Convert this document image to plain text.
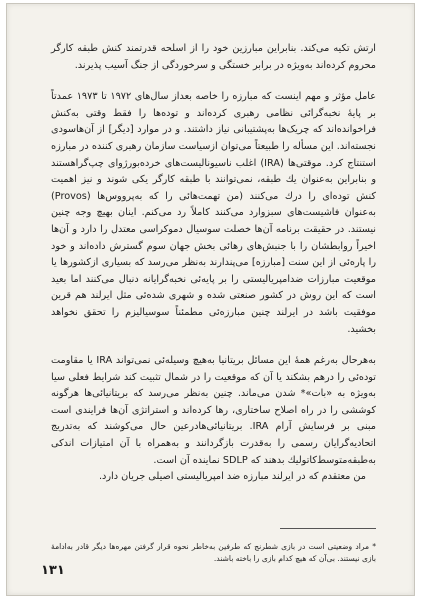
ارتش تکیه می‌کند. بنابراین مبارزین خود را از اسلحه قدرتمند کنش طبقه کارگر محروم کرده‌اند به‌ویژه در برابر خستگی و سرخوردگی از جنگ آسیب پذیرند.

عامل مؤثر و مهم اینست که مبارزه را خاصه بعداز سال‌های ۱۹۷۲ تا ۱۹۷۳ عمدتاً بر پایهٔ نخبه‌گرائی نظامی رهبری کرده‌اند و توده‌ها را فقط وقتی به‌کنش فراخوانده‌اند که چریک‌ها به‌پشتیبانی نیاز داشتند. و در موارد [دیگر] از آن‌هاسودی نجسته‌اند. این مسأله را طبیعتاً می‌توان ازسیاست سازمان رهبری کننده در مبارزه استنتاج کرد. موقتی‌ها (IRA) اغلب ناسیونالیست‌های خرده‌بورژوای چپ‌گراهستند و بنابراین به‌عنوان یك طبقه، نمی‌توانند با طبقه کارگر یکی شوند و نیز اهمیت کنش توده‌ای را درك می‌کنند (من تهمت‌هائی را که به‌پرووس‌ها (Provos) به‌عنوان فاشیست‌های سبزوارد می‌کنند کاملاً رد می‌کنم. اینان بهیچ وجه چنین نیستند. در حقیقت برنامه آن‌ها خصلت سوسیال دموکراسی معتدل را دارد و آن‌ها اخیراً روابطشان را با جنبش‌های رهائی بخش جهان سوم گسترش داده‌اند و خود را پاره‌ئی از این سنت [مبارزه] می‌پندارند به‌نظر می‌رسد که بسیاری ازکشورها یا موقعیت مبارزات ضدامپریالیستی را بر پایه‌ئی نخبه‌گرایانه دنبال می‌کنند اما بعید است که این روش در کشور صنعتی شده و شهری شده‌ئی مثل ایرلند هم قرین موفقیت باشد در ایرلند چنین مبارزه‌ئی مطمئناً سوسیالیزم را تحقق نخواهد بخشید.

به‌هرحال به‌رغم همهٔ این مسائل بریتانیا به‌هیچ وسیله‌ئی نمی‌تواند IRA یا مقاومت توده‌ئی را درهم بشکند یا آن که موقعیت را در شمال تثبیت کند شرایط فعلی سیا به‌ویژه به «بات»* شدن می‌ماند. چنین به‌نظر می‌رسد که بریتانیائی‌ها هرگونه کوششی را در راه اصلاح ساختاری، رها کرده‌اند و استراتژی آن‌ها فرایندی است مبنی بر فرسایش آرام IRA. بریتانیائی‌هادرعین حال می‌کوشند که به‌تدریج اتحادیه‌گرایان رسمی را به‌قدرت بازگردانند و به‌همراه با آن امتیازات اندکی به‌طبقه‌متوسط‌کاتولیك بدهند که SDLP نماینده آن است.

من معتقدم که در ایرلند مبارزه ضد امپریالیستی اصیلی جریان دارد.

* مراد وضعیتی است در بازی شطرنج که طرفین به‌خاطر نحوه قرار گرفتن مهره‌ها دیگر قادر به‌ادامهٔ بازی نیستند. بی‌آن که هیچ کدام بازی را باخته باشند.

۱۳۱
